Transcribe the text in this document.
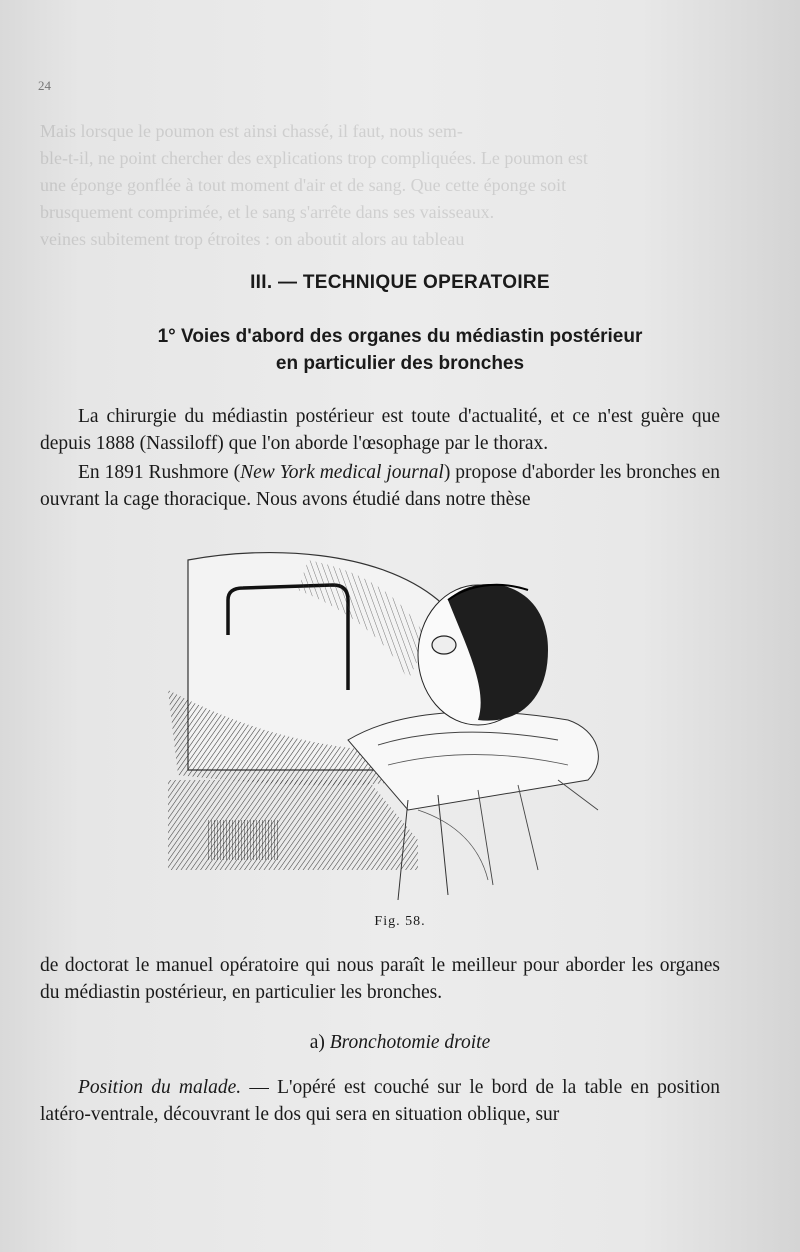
Mais lorsque le poumon est ainsi chassé, il faut, nous sem-
ble-t-il, ne point chercher des explications trop compliquées. Le poumon est
une éponge gonflée à tout moment d'air et de sang. Que cette éponge soit
brusquement comprimée, et le sang s'arrête dans ses vaisseaux.
veines subitement trop étroites : on aboutit alors au tableau
24
III. — TECHNIQUE OPERATOIRE
1° Voies d'abord des organes du médiastin postérieur
en particulier des bronches
La chirurgie du médiastin postérieur est toute d'actualité, et ce n'est guère que depuis 1888 (Nassiloff) que l'on aborde l'œsophage par le thorax.
En 1891 Rushmore (New York medical journal) propose d'aborder les bronches en ouvrant la cage thoracique. Nous avons étudié dans notre thèse
Fig. 58.
de doctorat le manuel opératoire qui nous paraît le meilleur pour aborder les organes du médiastin postérieur, en particulier les bronches.
a) Bronchotomie droite
Position du malade. — L'opéré est couché sur le bord de la table en position latéro-ventrale, découvrant le dos qui sera en situation oblique, sur
